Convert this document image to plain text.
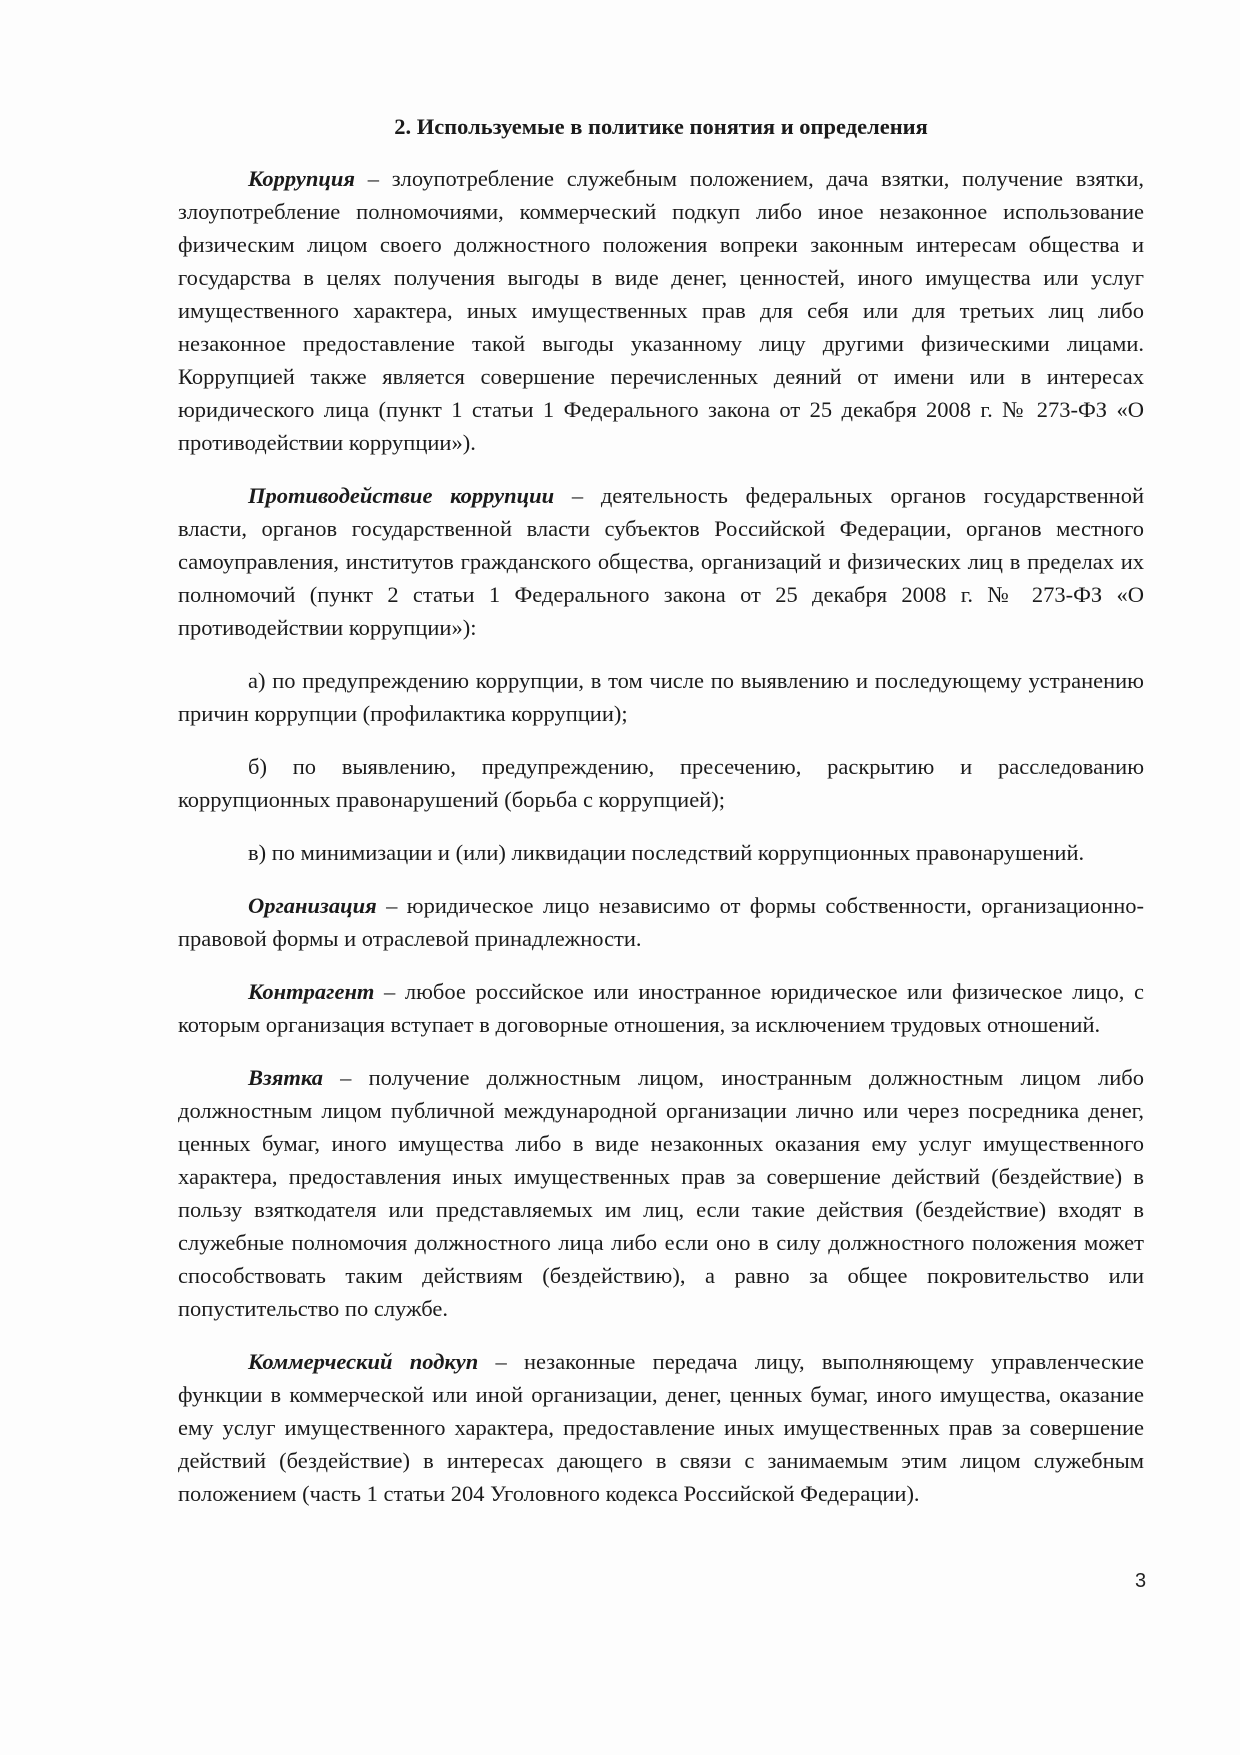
2. Используемые в политике понятия и определения

Коррупция – злоупотребление служебным положением, дача взятки, получение взятки, злоупотребление полномочиями, коммерческий подкуп либо иное незаконное использование физическим лицом своего должностного положения вопреки законным интересам общества и государства в целях получения выгоды в виде денег, ценностей, иного имущества или услуг имущественного характера, иных имущественных прав для себя или для третьих лиц либо незаконное предоставление такой выгоды указанному лицу другими физическими лицами. Коррупцией также является совершение перечисленных деяний от имени или в интересах юридического лица (пункт 1 статьи 1 Федерального закона от 25 декабря 2008 г. № 273-ФЗ «О противодействии коррупции»).

Противодействие коррупции – деятельность федеральных органов государственной власти, органов государственной власти субъектов Российской Федерации, органов местного самоуправления, институтов гражданского общества, организаций и физических лиц в пределах их полномочий (пункт 2 статьи 1 Федерального закона от 25 декабря 2008 г. № 273-ФЗ «О противодействии коррупции»):

а) по предупреждению коррупции, в том числе по выявлению и последующему устранению причин коррупции (профилактика коррупции);

б) по выявлению, предупреждению, пресечению, раскрытию и расследованию коррупционных правонарушений (борьба с коррупцией);

в) по минимизации и (или) ликвидации последствий коррупционных правонарушений.

Организация – юридическое лицо независимо от формы собственности, организационно-правовой формы и отраслевой принадлежности.

Контрагент – любое российское или иностранное юридическое или физическое лицо, с которым организация вступает в договорные отношения, за исключением трудовых отношений.

Взятка – получение должностным лицом, иностранным должностным лицом либо должностным лицом публичной международной организации лично или через посредника денег, ценных бумаг, иного имущества либо в виде незаконных оказания ему услуг имущественного характера, предоставления иных имущественных прав за совершение действий (бездействие) в пользу взяткодателя или представляемых им лиц, если такие действия (бездействие) входят в служебные полномочия должностного лица либо если оно в силу должностного положения может способствовать таким действиям (бездействию), а равно за общее покровительство или попустительство по службе.

Коммерческий подкуп – незаконные передача лицу, выполняющему управленческие функции в коммерческой или иной организации, денег, ценных бумаг, иного имущества, оказание ему услуг имущественного характера, предоставление иных имущественных прав за совершение действий (бездействие) в интересах дающего в связи с занимаемым этим лицом служебным положением (часть 1 статьи 204 Уголовного кодекса Российской Федерации).

3
